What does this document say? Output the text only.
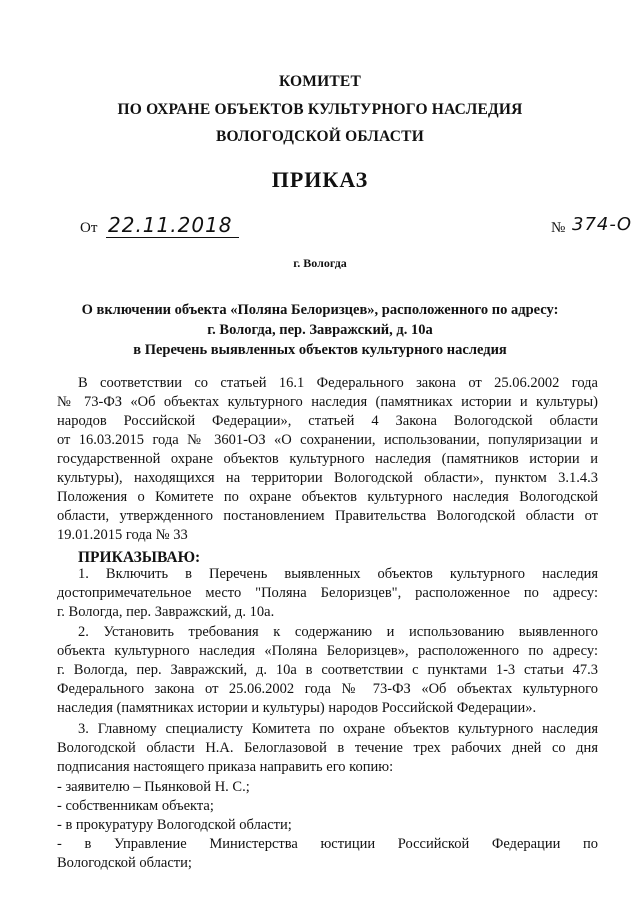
КОМИТЕТ
ПО ОХРАНЕ ОБЪЕКТОВ КУЛЬТУРНОГО НАСЛЕДИЯ
ВОЛОГОДСКОЙ ОБЛАСТИ
ПРИКАЗ
От 22.11.2018	№ 374-О
г. Вологда
О включении объекта «Поляна Белоризцев», расположенного по адресу:
г. Вологда, пер. Завражский, д. 10а
в Перечень выявленных объектов культурного наследия
В соответствии со статьей 16.1 Федерального закона от 25.06.2002 года
№ 73-ФЗ «Об объектах культурного наследия (памятниках истории и культуры)
народов Российской Федерации», статьей 4 Закона Вологодской области
от 16.03.2015 года № 3601-ОЗ «О сохранении, использовании, популяризации и
государственной охране объектов культурного наследия (памятников истории и
культуры), находящихся на территории Вологодской области», пунктом 3.1.4.3
Положения о Комитете по охране объектов культурного наследия Вологодской
области, утвержденного постановлением Правительства Вологодской области от
19.01.2015 года № 33
ПРИКАЗЫВАЮ:
1. Включить в Перечень выявленных объектов культурного наследия
достопримечательное место "Поляна Белоризцев", расположенное по адресу:
г. Вологда, пер. Завражский, д. 10а.
2. Установить требования к содержанию и использованию выявленного
объекта культурного наследия «Поляна Белоризцев», расположенного по адресу:
г. Вологда, пер. Завражский, д. 10а в соответствии с пунктами 1-3 статьи 47.3
Федерального закона от 25.06.2002 года № 73-ФЗ «Об объектах культурного
наследия (памятниках истории и культуры) народов Российской Федерации».
3. Главному специалисту Комитета по охране объектов культурного наследия
Вологодской области Н.А. Белоглазовой в течение трех рабочих дней со дня
подписания настоящего приказа направить его копию:
- заявителю – Пьянковой Н. С.;
- собственникам объекта;
- в прокуратуру Вологодской области;
- в Управление Министерства юстиции Российской Федерации по
Вологодской области;
